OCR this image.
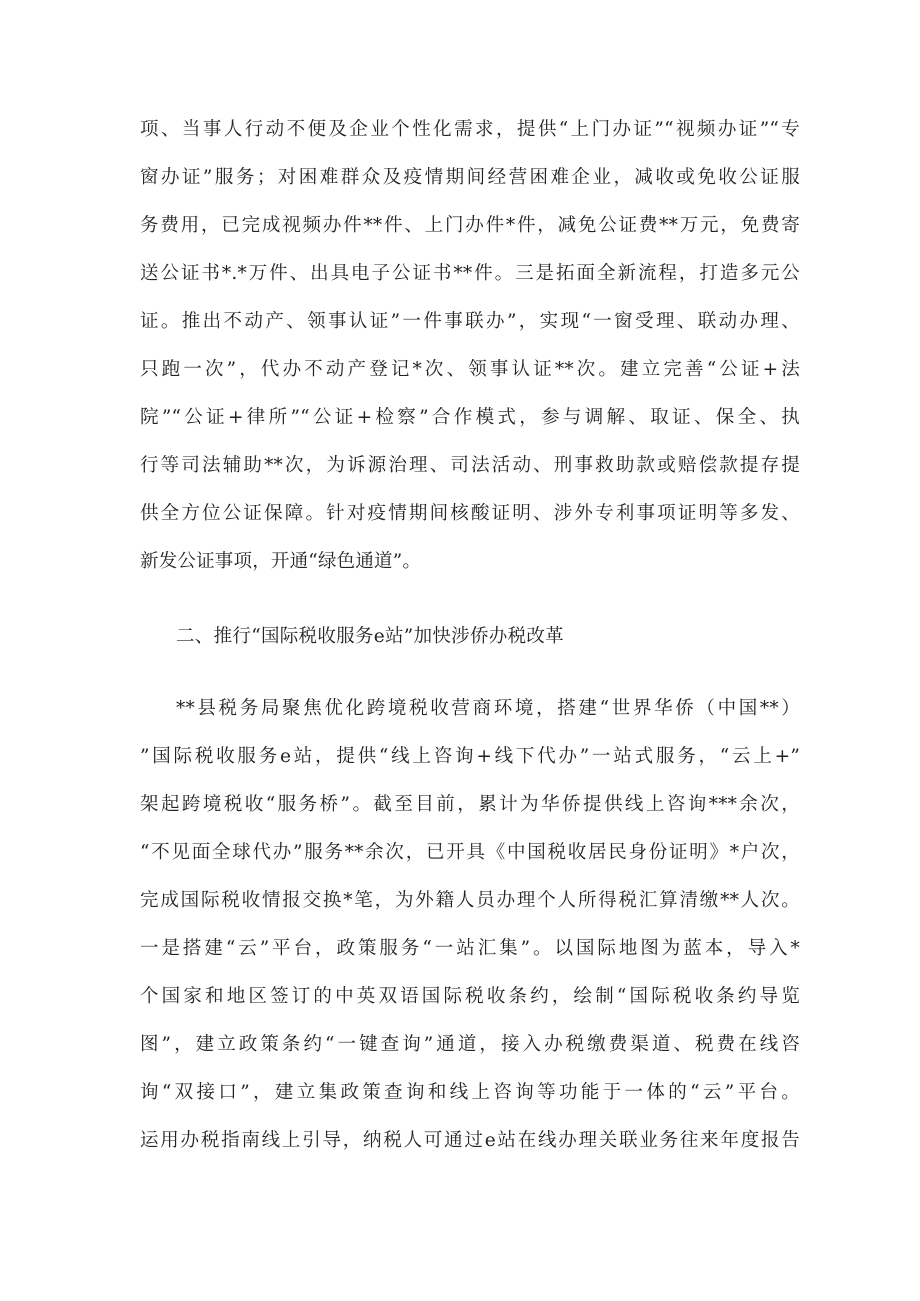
项、当事人行动不便及企业个性化需求，提供“上门办证”“视频办证”“专
窗办证”服务；对困难群众及疫情期间经营困难企业，减收或免收公证服
务费用，已完成视频办件**件、上门办件*件，减免公证费**万元，免费寄
送公证书*.*万件、出具电子公证书**件。三是拓面全新流程，打造多元公
证。推出不动产、领事认证”一件事联办”，实现“一窗受理、联动办理、
只跑一次”，代办不动产登记*次、领事认证**次。建立完善“公证+法
院”“公证+律所”“公证+检察”合作模式，参与调解、取证、保全、执
行等司法辅助**次，为诉源治理、司法活动、刑事救助款或赔偿款提存提
供全方位公证保障。针对疫情期间核酸证明、涉外专利事项证明等多发、
新发公证事项，开通“绿色通道”。
二、推行“国际税收服务e站”加快涉侨办税改革
**县税务局聚焦优化跨境税收营商环境，搭建“世界华侨（中国**）
”国际税收服务e站，提供“线上咨询+线下代办”一站式服务，“云上+”
架起跨境税收“服务桥”。截至目前，累计为华侨提供线上咨询***余次，
“不见面全球代办”服务**余次，已开具《中国税收居民身份证明》*户次，
完成国际税收情报交换*笔，为外籍人员办理个人所得税汇算清缴**人次。
一是搭建“云”平台，政策服务“一站汇集”。以国际地图为蓝本，导入*
个国家和地区签订的中英双语国际税收条约，绘制“国际税收条约导览
图”，建立政策条约“一键查询”通道，接入办税缴费渠道、税费在线咨
询“双接口”，建立集政策查询和线上咨询等功能于一体的“云”平台。
运用办税指南线上引导，纳税人可通过e站在线办理关联业务往来年度报告
